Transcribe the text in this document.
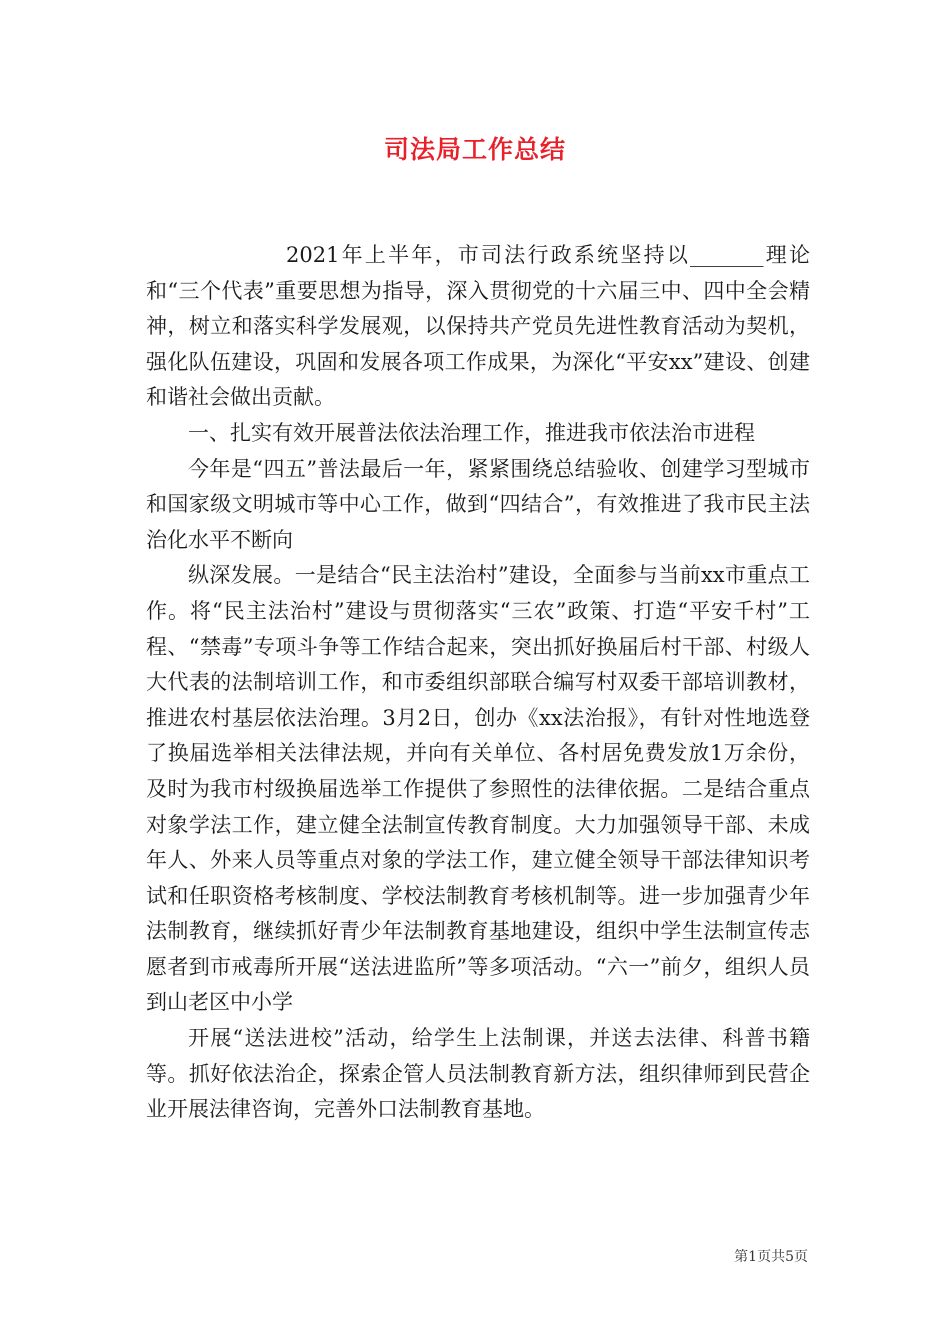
司法局工作总结

2021年上半年，市司法行政系统坚持以_______理论和“三个代表”重要思想为指导，深入贯彻党的十六届三中、四中全会精神，树立和落实科学发展观，以保持共产党员先进性教育活动为契机，强化队伍建设，巩固和发展各项工作成果，为深化“平安xx”建设、创建和谐社会做出贡献。

一、扎实有效开展普法依法治理工作，推进我市依法治市进程

今年是“四五”普法最后一年，紧紧围绕总结验收、创建学习型城市和国家级文明城市等中心工作，做到“四结合”，有效推进了我市民主法治化水平不断向

纵深发展。一是结合“民主法治村”建设，全面参与当前xx市重点工作。将“民主法治村”建设与贯彻落实“三农”政策、打造“平安千村”工程、“禁毒”专项斗争等工作结合起来，突出抓好换届后村干部、村级人大代表的法制培训工作，和市委组织部联合编写村双委干部培训教材，推进农村基层依法治理。3月2日，创办《xx法治报》，有针对性地选登了换届选举相关法律法规，并向有关单位、各村居免费发放1万余份，及时为我市村级换届选举工作提供了参照性的法律依据。二是结合重点对象学法工作，建立健全法制宣传教育制度。大力加强领导干部、未成年人、外来人员等重点对象的学法工作，建立健全领导干部法律知识考试和任职资格考核制度、学校法制教育考核机制等。进一步加强青少年法制教育，继续抓好青少年法制教育基地建设，组织中学生法制宣传志愿者到市戒毒所开展“送法进监所”等多项活动。“六一”前夕，组织人员到山老区中小学

开展“送法进校”活动，给学生上法制课，并送去法律、科普书籍等。抓好依法治企，探索企管人员法制教育新方法，组织律师到民营企业开展法律咨询，完善外口法制教育基地。

第1页共5页
